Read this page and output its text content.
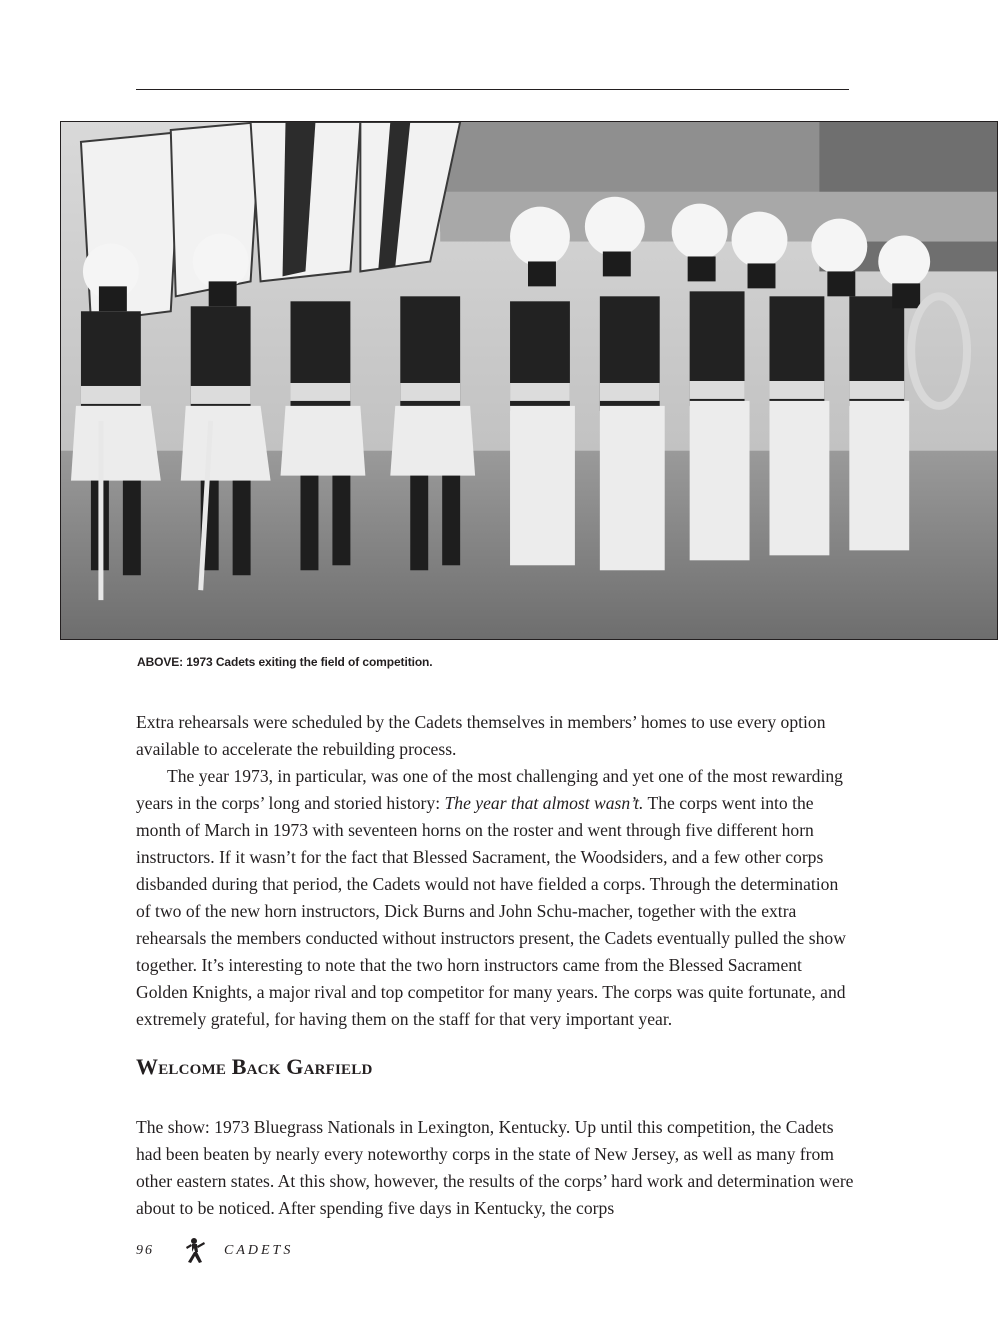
ABOVE: 1973 Cadets exiting the field of competition.

Extra rehearsals were scheduled by the Cadets themselves in members’ homes to use every option available to accelerate the rebuilding process.

The year 1973, in particular, was one of the most challenging and yet one of the most rewarding years in the corps’ long and storied history: The year that almost wasn’t. The corps went into the month of March in 1973 with seventeen horns on the roster and went through five different horn instructors. If it wasn’t for the fact that Blessed Sacrament, the Woodsiders, and a few other corps disbanded during that period, the Cadets would not have fielded a corps. Through the determination of two of the new horn instructors, Dick Burns and John Schu-macher, together with the extra rehearsals the members conducted without instructors present, the Cadets eventually pulled the show together. It’s interesting to note that the two horn instructors came from the Blessed Sacrament Golden Knights, a major rival and top competitor for many years. The corps was quite fortunate, and extremely grateful, for having them on the staff for that very important year.

Welcome Back Garfield

The show: 1973 Bluegrass Nationals in Lexington, Kentucky. Up until this competition, the Cadets had been beaten by nearly every noteworthy corps in the state of New Jersey, as well as many from other eastern states. At this show, however, the results of the corps’ hard work and determination were about to be noticed. After spending five days in Kentucky, the corps

96	CADETS
